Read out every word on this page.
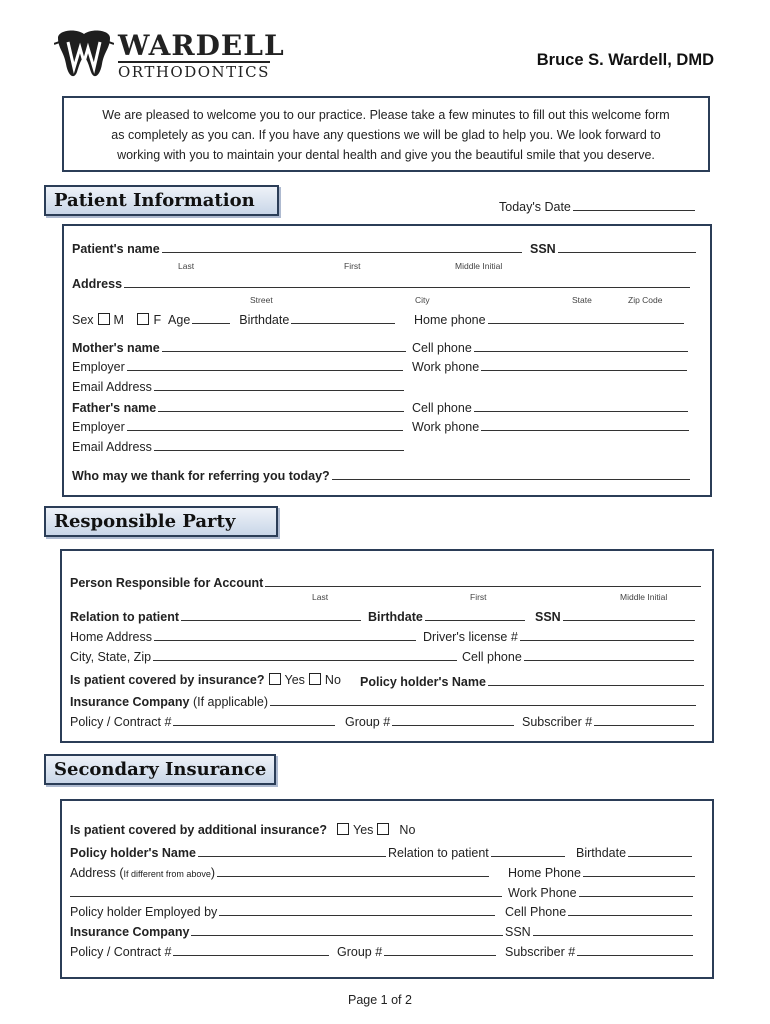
WARDELL
ORTHODONTICS
Bruce S. Wardell, DMD
We are pleased to welcome you to our practice. Please take a few minutes to fill out this welcome form
as completely as you can. If you have any questions we will be glad to help you. We look forward to
working with you to maintain your dental health and give you the beautiful smile that you deserve.
Patient Information	Today's Date
Patient's name	SSN
Last	First	Middle Initial
Address
Street	City	State	Zip Code
Sex M F Age	Birthdate	Home phone
Mother's name	Cell phone
Employer	Work phone
Email Address
Father's name	Cell phone
Employer	Work phone
Email Address
Who may we thank for referring you today?
Responsible Party
Person Responsible for Account
Last	First	Middle Initial
Relation to patient	Birthdate	SSN
Home Address	Driver's license #
City, State, Zip	Cell phone
Is patient covered by insurance? Yes No Policy holder's Name
Insurance Company (If applicable)
Policy / Contract #	Group #	Subscriber #
Secondary Insurance
Is patient covered by additional insurance? Yes No
Policy holder's Name	Relation to patient	Birthdate
Address (If different from above)	Home Phone
Work Phone
Policy holder Employed by	Cell Phone
Insurance Company	SSN
Policy / Contract #	Group #	Subscriber #
Page 1 of 2
